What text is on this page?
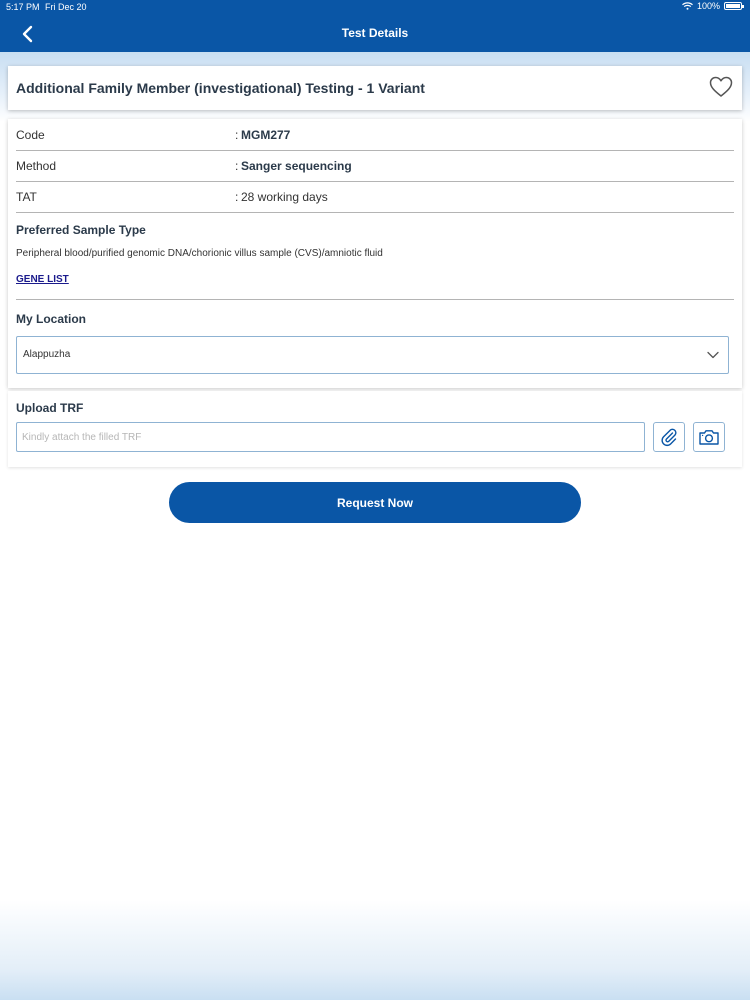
5:17 PM Fri Dec 20	100%
Test Details
Additional Family Member (investigational) Testing - 1 Variant
Code	: MGM277
Method	: Sanger sequencing
TAT	: 28 working days
Preferred Sample Type
Peripheral blood/purified genomic DNA/chorionic villus sample (CVS)/amniotic fluid
GENE LIST
My Location
Alappuzha
Upload TRF
Kindly attach the filled TRF
Request Now
